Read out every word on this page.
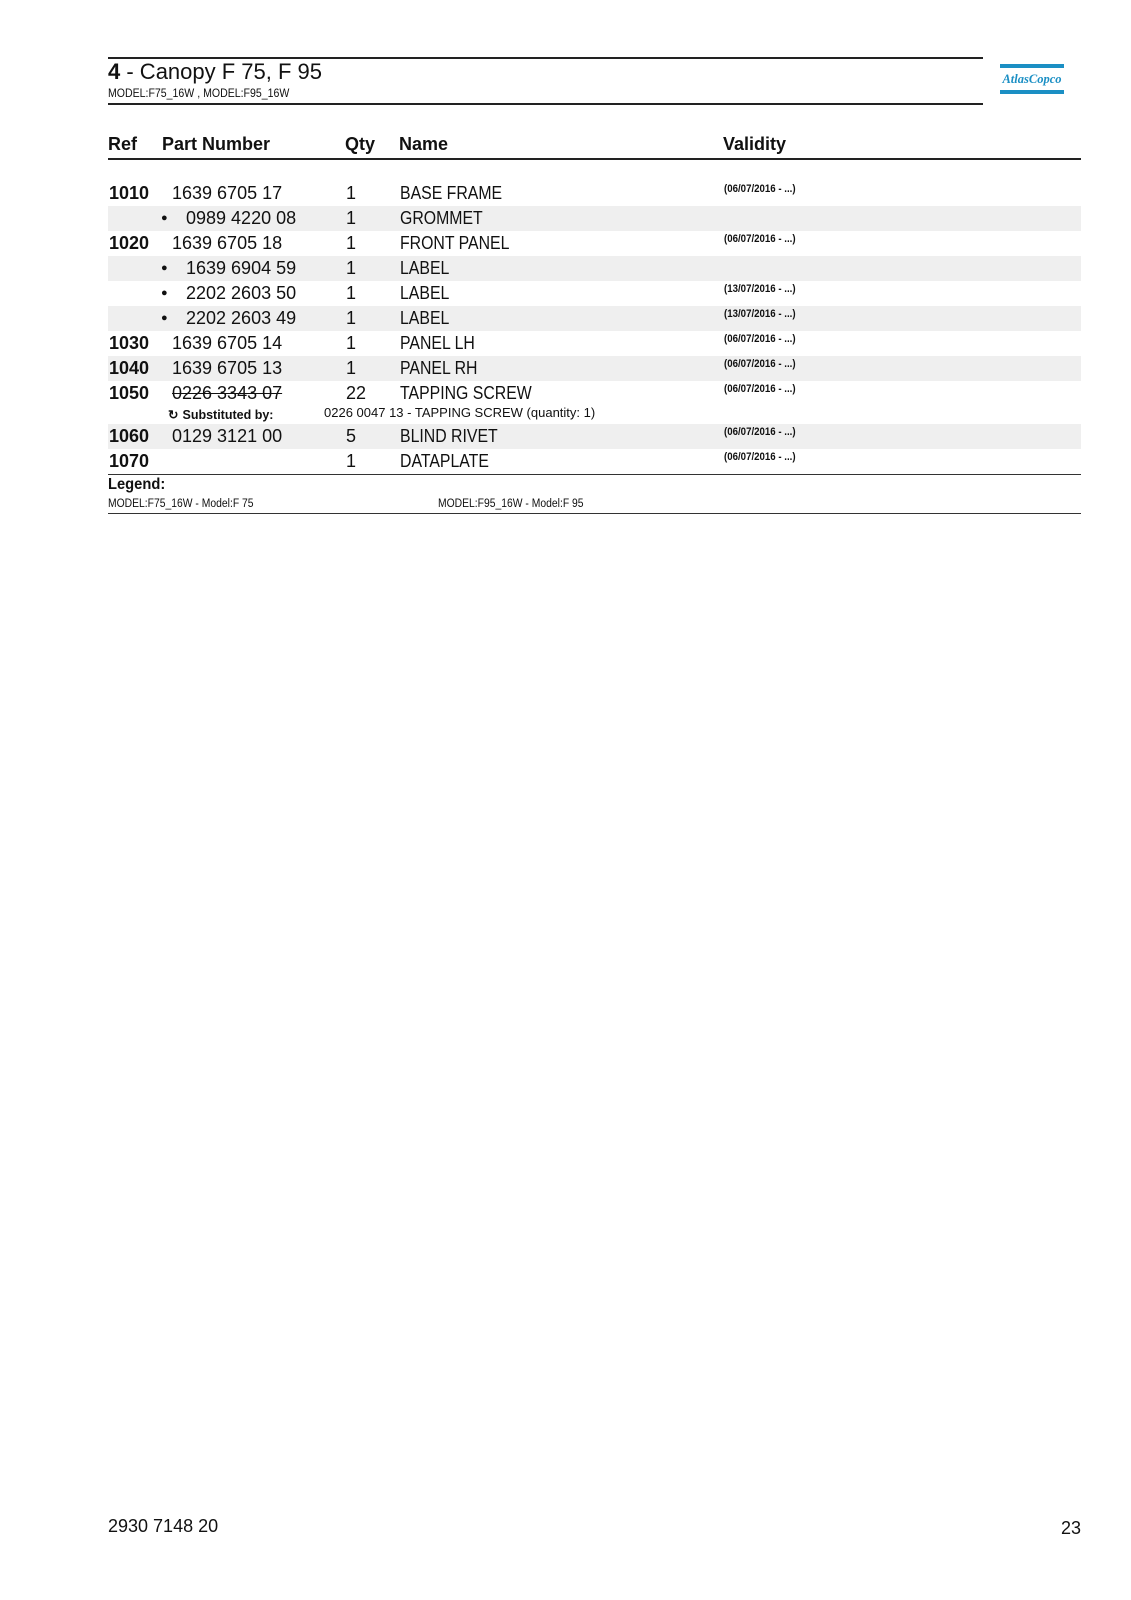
4 - Canopy F 75, F 95
MODEL:F75_16W , MODEL:F95_16W
AtlasCopco
Ref Part Number	Qty Name	Validity
1010 1639 6705 17	1 BASE FRAME	(06/07/2016 - ...)
● 0989 4220 08	1 GROMMET
1020 1639 6705 18	1 FRONT PANEL	(06/07/2016 - ...)
● 1639 6904 59	1 LABEL
● 2202 2603 50	1 LABEL	(13/07/2016 - ...)
● 2202 2603 49	1 LABEL	(13/07/2016 - ...)
1030 1639 6705 14	1 PANEL LH	(06/07/2016 - ...)
1040 1639 6705 13	1 PANEL RH	(06/07/2016 - ...)
1050 0226 3343 07	22 TAPPING SCREW	(06/07/2016 - ...)
↻ Substituted by:	0226 0047 13 - TAPPING SCREW (quantity: 1)
1060 0129 3121 00	5 BLIND RIVET	(06/07/2016 - ...)
1070	1 DATAPLATE	(06/07/2016 - ...)
Legend:
MODEL:F75_16W - Model:F 75	MODEL:F95_16W - Model:F 95
2930 7148 20	23
